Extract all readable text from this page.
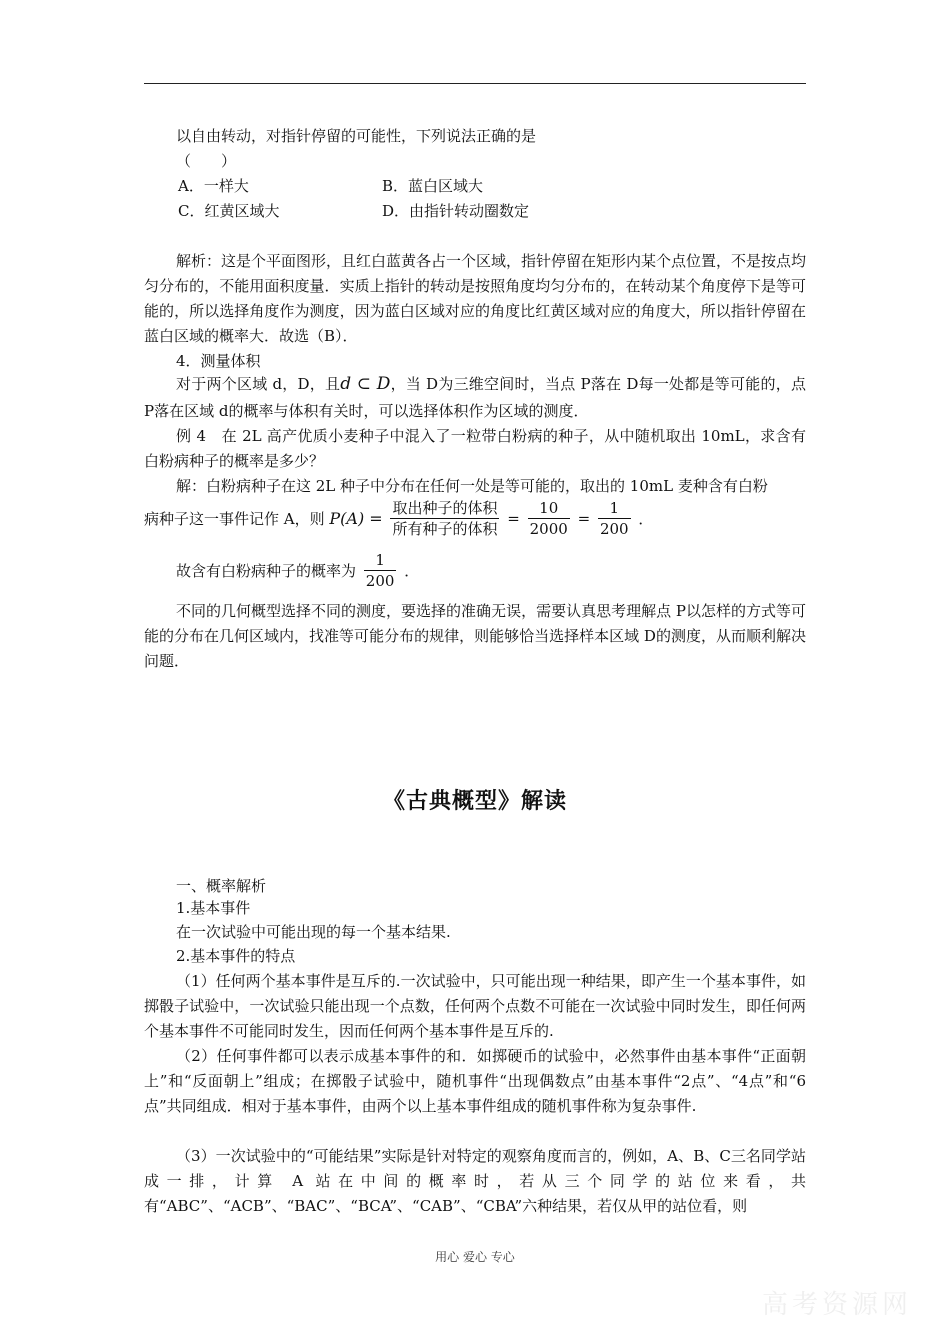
以自由转动，对指针停留的可能性，下列说法正确的是
（　　）
A．一样大	B．蓝白区域大
C．红黄区域大	D．由指针转动圈数定
解析：这是个平面图形，且红白蓝黄各占一个区域，指针停留在矩形内某个点位置，不是按点均匀分布的，不能用面积度量．实质上指针的转动是按照角度均匀分布的，在转动某个角度停下是等可能的，所以选择角度作为测度，因为蓝白区域对应的角度比红黄区域对应的角度大，所以指针停留在蓝白区域的概率大．故选（B）．
4．测量体积
对于两个区域 d，D，且d ⊂ D，当 D为三维空间时，当点 P落在 D每一处都是等可能的，点 P落在区域 d的概率与体积有关时，可以选择体积作为区域的测度．
例 4　在 2L 高产优质小麦种子中混入了一粒带白粉病的种子，从中随机取出 10mL，求含有白粉病种子的概率是多少？
解：白粉病种子在这 2L 种子中分布在任何一处是等可能的，取出的 10mL 麦种含有白粉
病种子这一事件记作 A，则 $P(A) = \frac{\text{取出种子的体积}}{\text{所有种子的体积}} = \frac{10}{2000} = \frac{1}{200}$ ．
故含有白粉病种子的概率为 $\frac{1}{200}$ ．
不同的几何概型选择不同的测度，要选择的准确无误，需要认真思考理解点 P以怎样的方式等可能的分布在几何区域内，找准等可能分布的规律，则能够恰当选择样本区域 D的测度，从而顺利解决问题．
《古典概型》解读
一、概率解析
1.基本事件
在一次试验中可能出现的每一个基本结果.
2.基本事件的特点
（1）任何两个基本事件是互斥的.一次试验中，只可能出现一种结果，即产生一个基本事件，如掷骰子试验中，一次试验只能出现一个点数，任何两个点数不可能在一次试验中同时发生，即任何两个基本事件不可能同时发生，因而任何两个基本事件是互斥的.
（2）任何事件都可以表示成基本事件的和．如掷硬币的试验中，必然事件由基本事件“正面朝上”和“反面朝上”组成；在掷骰子试验中，随机事件“出现偶数点”由基本事件“2点”、“4点”和“6点”共同组成．相对于基本事件，由两个以上基本事件组成的随机事件称为复杂事件.
（3）一次试验中的“可能结果”实际是针对特定的观察角度而言的，例如，A、B、C三名同学站成一排，计算 A 站在中间的概率时，若从三个同学的站位来看，共有“ABC”、“ACB”、“BAC”、“BCA”、“CAB”、“CBA”六种结果，若仅从甲的站位看，则
用心 爱心 专心
高考资源网
